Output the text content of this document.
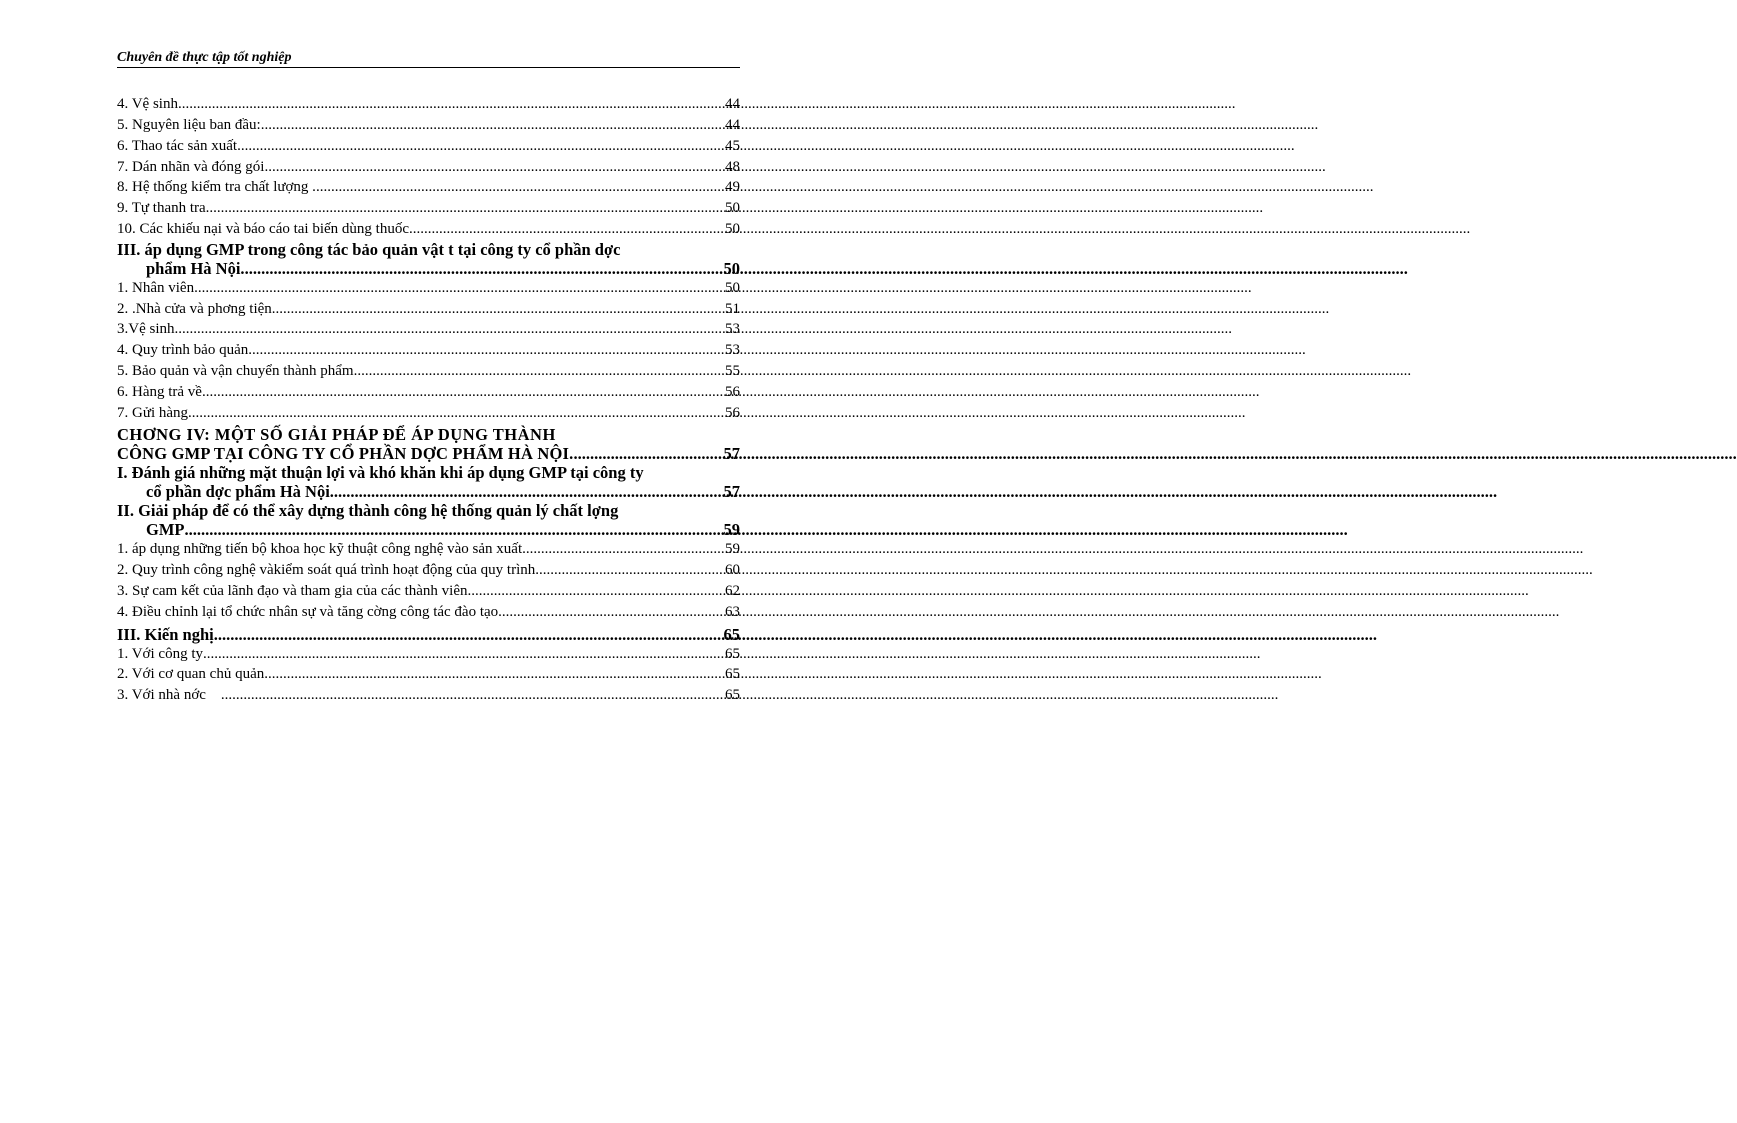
Chuyên đề thực tập tốt nghiệp
4. Vệ sinh .....	44
5. Nguyên liệu ban đầu: .....	44
6. Thao tác sản xuất .....	45
7. Dán nhãn và đóng gói. .....	48
8. Hệ thống kiểm tra chất lượng . .....	49
9. Tự thanh tra .....	50
10. Các khiếu nại và báo cáo tai biến dùng thuốc. .....	50
III. áp dụng GMP trong công tác bảo quản vật t tại công ty cổ phần dợc
phẩm Hà Nội. .....	50
1. Nhân viên .....	50
2. .Nhà cửa và phơng tiện .....	51
3.Vệ sinh .....	53
4. Quy trình bảo quản .....	53
5. Bảo quản và vận chuyển thành phẩm .....	55
6. Hàng trả về .....	56
7. Gửi hàng .....	56
CHƠNG IV: MỘT SỐ GIẢI PHÁP ĐỂ ÁP DỤNG THÀNH
CÔNG GMP TẠI CÔNG TY CỔ PHẦN DỢC PHẨM HÀ NỘI. .....	57
I. Đánh giá những mặt thuận lợi và khó khăn khi áp dụng GMP tại công ty
cổ phần dợc phẩm Hà Nội. .....	57
II. Giải pháp để có thể xây dựng thành công hệ thống quản lý chất lợng
GMP .....	59
1. áp dụng những tiến bộ khoa học kỹ thuật công nghệ vào sản xuất. .....	59
2. Quy trình công nghệ vàkiểm soát quá trình hoạt động của quy trình .....	60
3. Sự cam kết của lãnh đạo và tham gia của các thành viên. .....	62
4. Điều chỉnh lại tổ chức nhân sự và tăng cờng công tác đào tạo. .....	63
III. Kiến nghị .....	65
1. Với công ty .....	65
2. Với cơ quan chủ quản .....	65
3. Với nhà nớc .....	65
